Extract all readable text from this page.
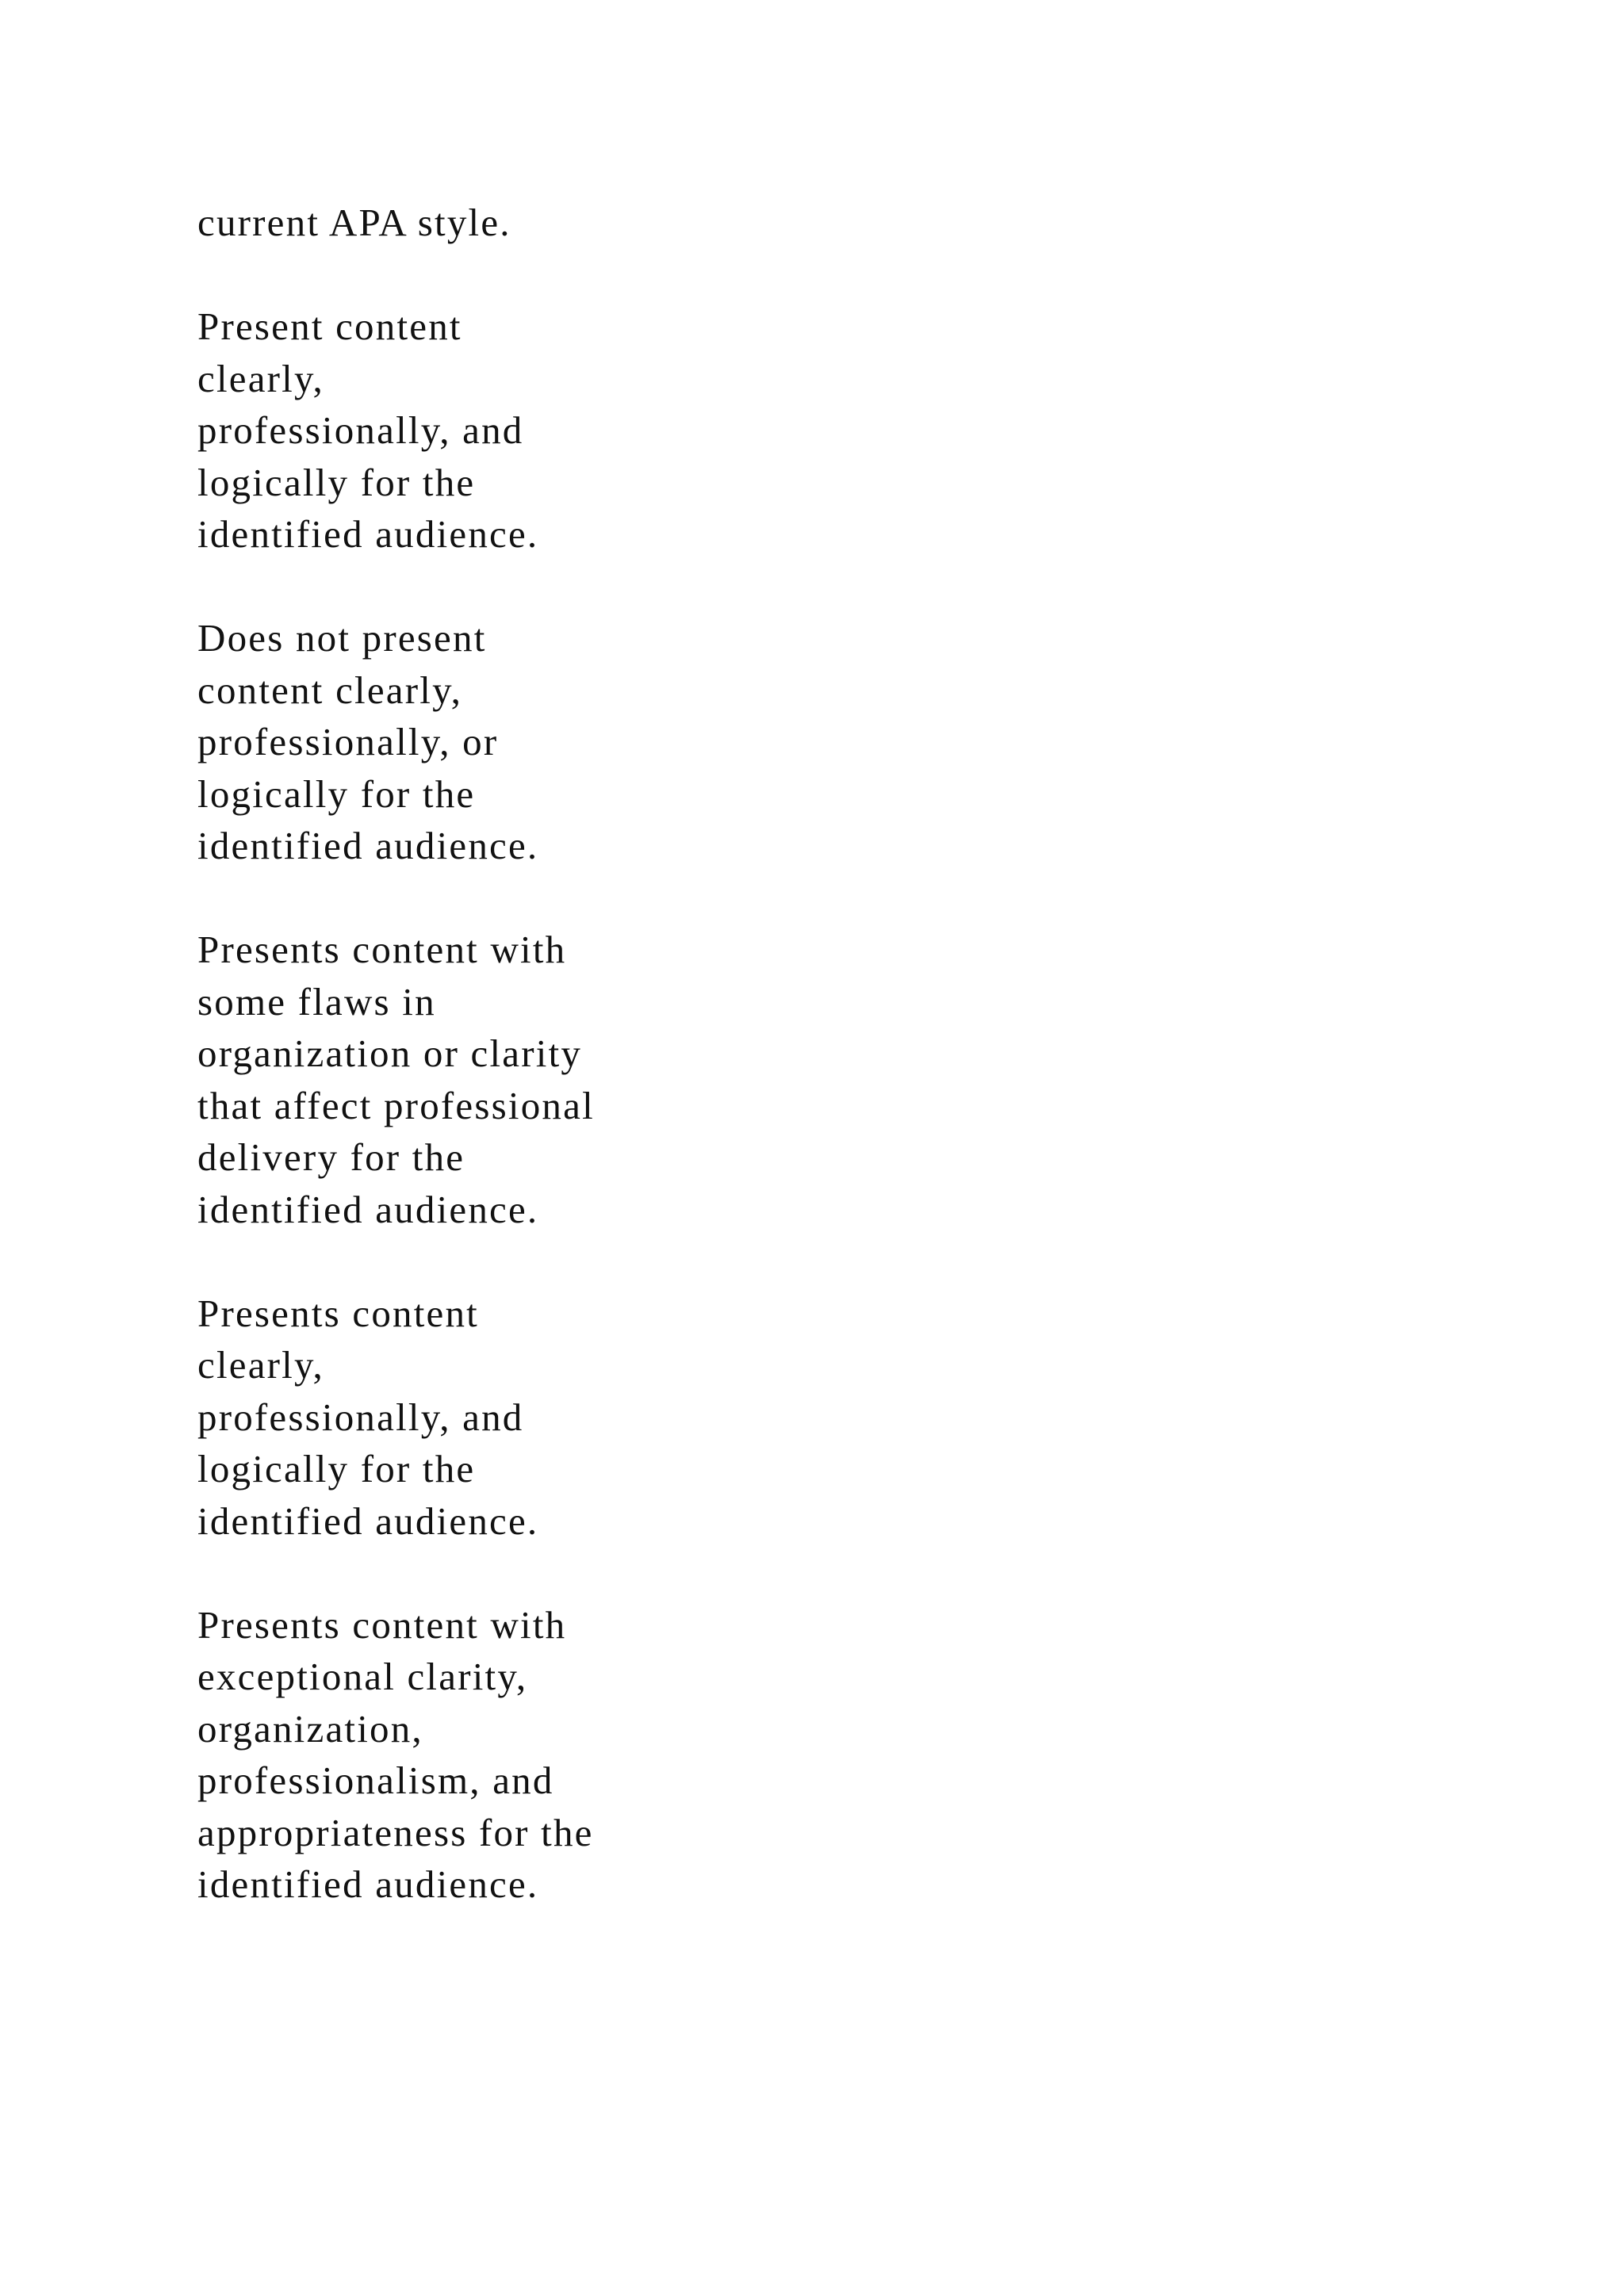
current APA style.

Present content
clearly,
professionally, and
logically for the
identified audience.

Does not present
content clearly,
professionally, or
logically for the
identified audience.

Presents content with
some flaws in
organization or clarity
that affect professional
delivery for the
identified audience.

Presents content
clearly,
professionally, and
logically for the
identified audience.

Presents content with
exceptional clarity,
organization,
professionalism, and
appropriateness for the
identified audience.
